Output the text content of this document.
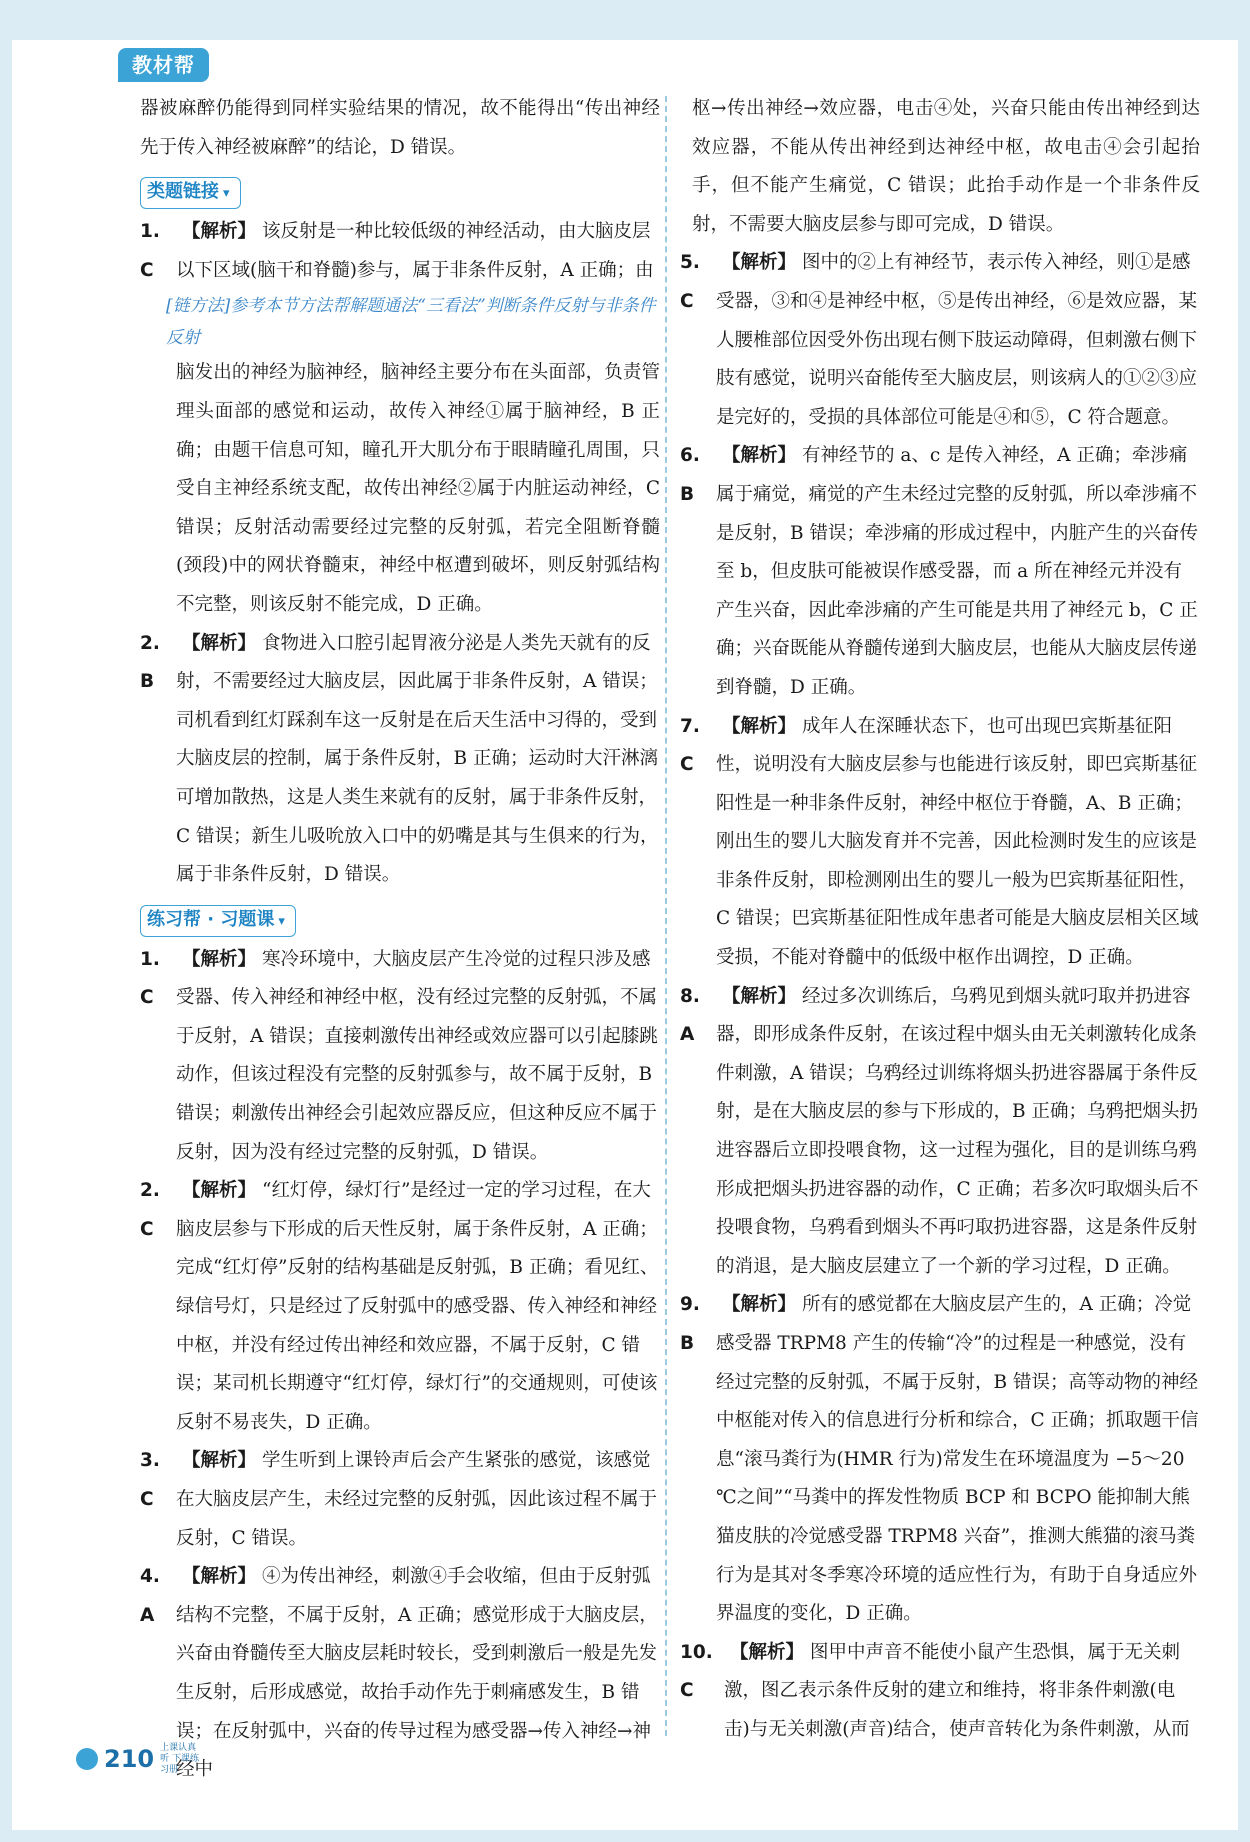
教材帮

器被麻醉仍能得到同样实验结果的情况，故不能得出“传出神经先于传入神经被麻醉”的结论，D 错误。

类题链接 ▾
1. C
【解析】 该反射是一种比较低级的神经活动，由大脑皮层以下区域(脑干和脊髓)参与，属于非条件反射，A 正确；由
[链方法]参考本节方法帮解题通法“三看法”判断条件反射与非条件反射

脑发出的神经为脑神经，脑神经主要分布在头面部，负责管理头面部的感觉和运动，故传入神经①属于脑神经，B 正确；由题干信息可知，瞳孔开大肌分布于眼睛瞳孔周围，只受自主神经系统支配，故传出神经②属于内脏运动神经，C 错误；反射活动需要经过完整的反射弧，若完全阻断脊髓(颈段)中的网状脊髓束，神经中枢遭到破坏，则反射弧结构不完整，则该反射不能完成，D 正确。

2. B
【解析】 食物进入口腔引起胃液分泌是人类先天就有的反射，不需要经过大脑皮层，因此属于非条件反射，A 错误；司机看到红灯踩刹车这一反射是在后天生活中习得的，受到大脑皮层的控制，属于条件反射，B 正确；运动时大汗淋漓可增加散热，这是人类生来就有的反射，属于非条件反射，C 错误；新生儿吸吮放入口中的奶嘴是其与生俱来的行为，属于非条件反射，D 错误。
练习帮 · 习题课 ▾
1. C
【解析】 寒冷环境中，大脑皮层产生冷觉的过程只涉及感受器、传入神经和神经中枢，没有经过完整的反射弧，不属于反射，A 错误；直接刺激传出神经或效应器可以引起膝跳动作，但该过程没有完整的反射弧参与，故不属于反射，B 错误；刺激传出神经会引起效应器反应，但这种反应不属于反射，因为没有经过完整的反射弧，D 错误。
2. C
【解析】 “红灯停，绿灯行”是经过一定的学习过程，在大脑皮层参与下形成的后天性反射，属于条件反射，A 正确；完成“红灯停”反射的结构基础是反射弧，B 正确；看见红、绿信号灯，只是经过了反射弧中的感受器、传入神经和神经中枢，并没有经过传出神经和效应器，不属于反射，C 错误；某司机长期遵守“红灯停，绿灯行”的交通规则，可使该反射不易丧失，D 正确。
3. C
【解析】 学生听到上课铃声后会产生紧张的感觉，该感觉在大脑皮层产生，未经过完整的反射弧，因此该过程不属于反射，C 错误。
4. A
【解析】 ④为传出神经，刺激④手会收缩，但由于反射弧结构不完整，不属于反射，A 正确；感觉形成于大脑皮层，兴奋由脊髓传至大脑皮层耗时较长，受到刺激后一般是先发生反射，后形成感觉，故抬手动作先于刺痛感发生，B 错误；在反射弧中，兴奋的传导过程为感受器→传入神经→神经中

枢→传出神经→效应器，电击④处，兴奋只能由传出神经到达效应器，不能从传出神经到达神经中枢，故电击④会引起抬手，但不能产生痛觉，C 错误；此抬手动作是一个非条件反射，不需要大脑皮层参与即可完成，D 错误。

5. C
【解析】 图中的②上有神经节，表示传入神经，则①是感受器，③和④是神经中枢，⑤是传出神经，⑥是效应器，某人腰椎部位因受外伤出现右侧下肢运动障碍，但刺激右侧下肢有感觉，说明兴奋能传至大脑皮层，则该病人的①②③应是完好的，受损的具体部位可能是④和⑤，C 符合题意。
6. B
【解析】 有神经节的 a、c 是传入神经，A 正确；牵涉痛属于痛觉，痛觉的产生未经过完整的反射弧，所以牵涉痛不是反射，B 错误；牵涉痛的形成过程中，内脏产生的兴奋传至 b，但皮肤可能被误作感受器，而 a 所在神经元并没有产生兴奋，因此牵涉痛的产生可能是共用了神经元 b，C 正确；兴奋既能从脊髓传递到大脑皮层，也能从大脑皮层传递到脊髓，D 正确。
7. C
【解析】 成年人在深睡状态下，也可出现巴宾斯基征阳性，说明没有大脑皮层参与也能进行该反射，即巴宾斯基征阳性是一种非条件反射，神经中枢位于脊髓，A、B 正确；刚出生的婴儿大脑发育并不完善，因此检测时发生的应该是非条件反射，即检测刚出生的婴儿一般为巴宾斯基征阳性，C 错误；巴宾斯基征阳性成年患者可能是大脑皮层相关区域受损，不能对脊髓中的低级中枢作出调控，D 正确。
8. A
【解析】 经过多次训练后，乌鸦见到烟头就叼取并扔进容器，即形成条件反射，在该过程中烟头由无关刺激转化成条件刺激，A 错误；乌鸦经过训练将烟头扔进容器属于条件反射，是在大脑皮层的参与下形成的，B 正确；乌鸦把烟头扔进容器后立即投喂食物，这一过程为强化，目的是训练乌鸦形成把烟头扔进容器的动作，C 正确；若多次叼取烟头后不投喂食物，乌鸦看到烟头不再叼取扔进容器，这是条件反射的消退，是大脑皮层建立了一个新的学习过程，D 正确。
9. B
【解析】 所有的感觉都在大脑皮层产生的，A 正确；冷觉感受器 TRPM8 产生的传输“冷”的过程是一种感觉，没有经过完整的反射弧，不属于反射，B 错误；高等动物的神经中枢能对传入的信息进行分析和综合，C 正确；抓取题干信息“滚马粪行为(HMR 行为)常发生在环境温度为 −5～20 ℃之间”“马粪中的挥发性物质 BCP 和 BCPO 能抑制大熊猫皮肤的冷觉感受器 TRPM8 兴奋”，推测大熊猫的滚马粪行为是其对冬季寒冷环境的适应性行为，有助于自身适应外界温度的变化，D 正确。
10. C
【解析】 图甲中声音不能使小鼠产生恐惧，属于无关刺激，图乙表示条件反射的建立和维持，将非条件刺激(电击)与无关刺激(声音)结合，使声音转化为条件刺激，从而
210 上课认真听 下课练习册
